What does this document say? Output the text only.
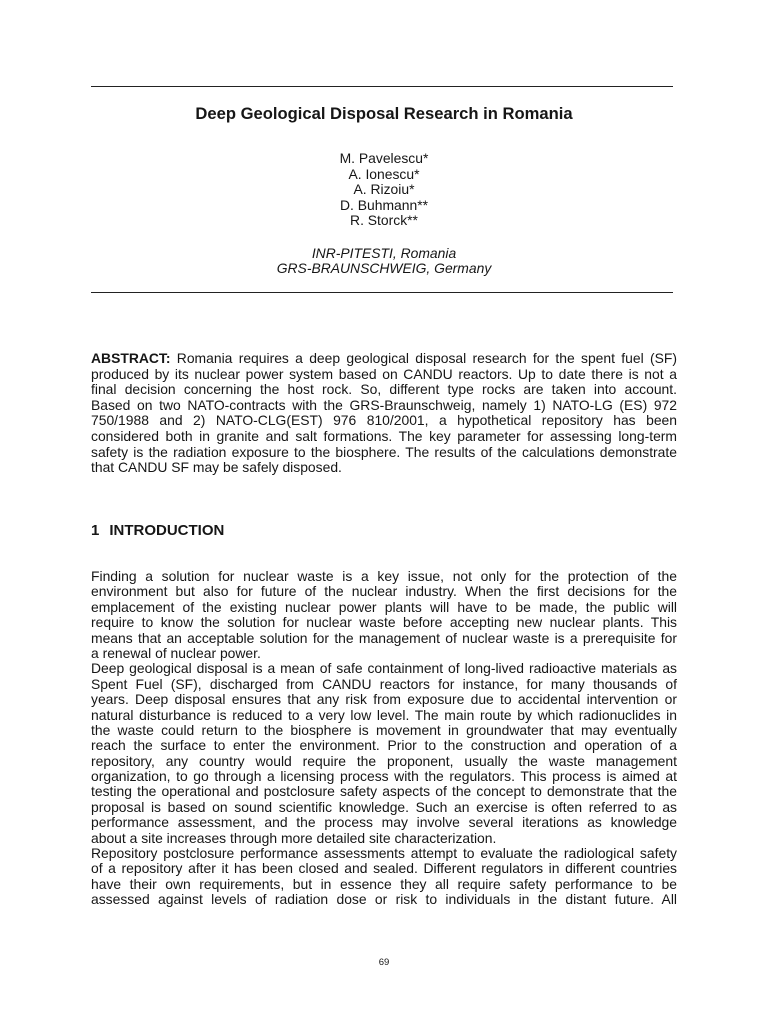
Deep Geological Disposal Research in Romania
M. Pavelescu*
A. Ionescu*
A. Rizoiu*
D. Buhmann**
R. Storck**
INR-PITESTI, Romania
GRS-BRAUNSCHWEIG, Germany
ABSTRACT: Romania requires a deep geological disposal research for the spent fuel (SF)
produced by its nuclear power system based on CANDU reactors. Up to date there is not a
final decision concerning the host rock. So, different type rocks are taken into account.
Based on two NATO-contracts with the GRS-Braunschweig, namely 1) NATO-LG (ES) 972
750/1988 and 2) NATO-CLG(EST) 976 810/2001, a hypothetical repository has been
considered both in granite and salt formations. The key parameter for assessing long-term
safety is the radiation exposure to the biosphere. The results of the calculations demonstrate
that CANDU SF may be safely disposed.
1 INTRODUCTION
Finding a solution for nuclear waste is a key issue, not only for the protection of the
environment but also for future of the nuclear industry. When the first decisions for the
emplacement of the existing nuclear power plants will have to be made, the public will
require to know the solution for nuclear waste before accepting new nuclear plants. This
means that an acceptable solution for the management of nuclear waste is a prerequisite for
a renewal of nuclear power.
Deep geological disposal is a mean of safe containment of long-lived radioactive materials as
Spent Fuel (SF), discharged from CANDU reactors for instance, for many thousands of
years. Deep disposal ensures that any risk from exposure due to accidental intervention or
natural disturbance is reduced to a very low level. The main route by which radionuclides in
the waste could return to the biosphere is movement in groundwater that may eventually
reach the surface to enter the environment. Prior to the construction and operation of a
repository, any country would require the proponent, usually the waste management
organization, to go through a licensing process with the regulators. This process is aimed at
testing the operational and postclosure safety aspects of the concept to demonstrate that the
proposal is based on sound scientific knowledge. Such an exercise is often referred to as
performance assessment, and the process may involve several iterations as knowledge
about a site increases through more detailed site characterization.
Repository postclosure performance assessments attempt to evaluate the radiological safety
of a repository after it has been closed and sealed. Different regulators in different countries
have their own requirements, but in essence they all require safety performance to be
assessed against levels of radiation dose or risk to individuals in the distant future. All
69
